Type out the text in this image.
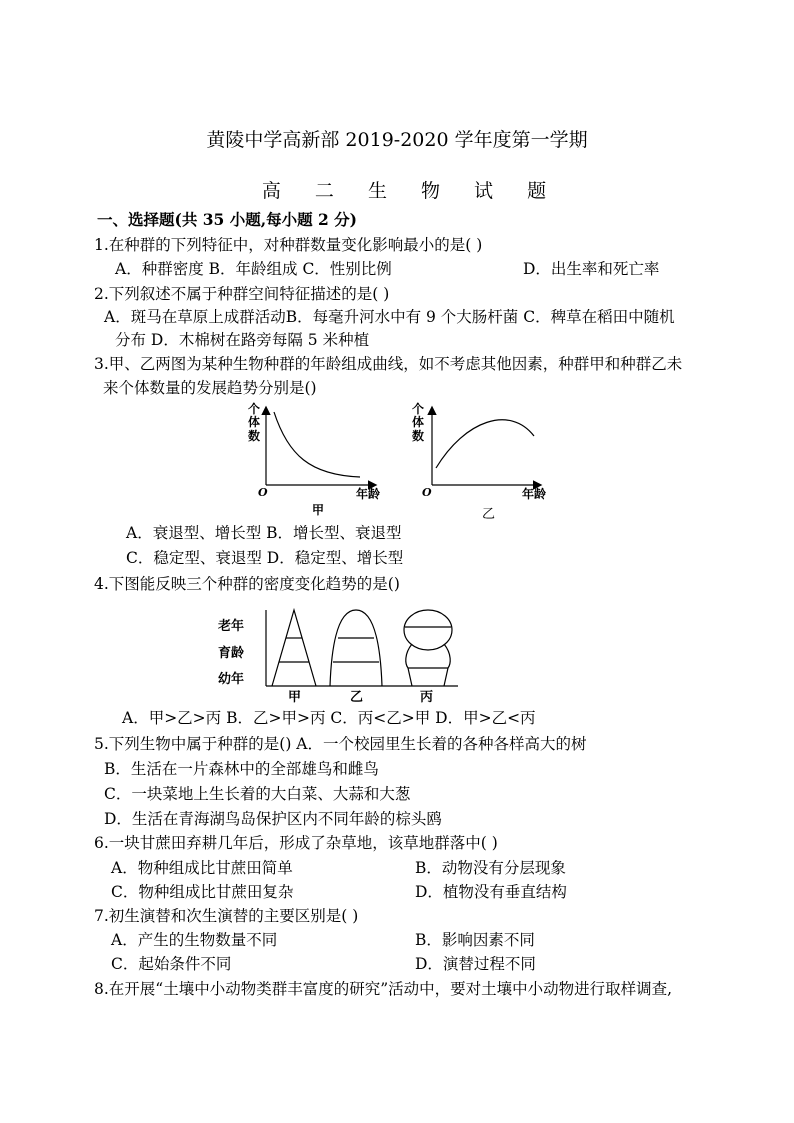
黄陵中学高新部 2019-2020 学年度第一学期
高 二 生 物 试 题
一、选择题(共 35 小题,每小题 2 分)
1.在种群的下列特征中，对种群数量变化影响最小的是( )
A．种群密度 B．年龄组成 C．性别比例	D．出生率和死亡率
2.下列叙述不属于种群空间特征描述的是( )
A．斑马在草原上成群活动B．每毫升河水中有 9 个大肠杆菌 C．稗草在稻田中随机
分布 D．木棉树在路旁每隔 5 米种植
3.甲、乙两图为某种生物种群的年龄组成曲线，如不考虑其他因素，种群甲和种群乙未
来个体数量的发展趋势分别是()
个
体
数
O	年龄
甲
个
体
数
O	年龄
乙
A．衰退型、增长型 B．增长型、衰退型
C．稳定型、衰退型 D．稳定型、增长型
4.下图能反映三个种群的密度变化趋势的是()
老年
育龄
幼年
甲	乙	丙
A．甲>乙>丙 B．乙>甲>丙 C．丙<乙>甲 D．甲>乙<丙
5.下列生物中属于种群的是() A．一个校园里生长着的各种各样高大的树
B．生活在一片森林中的全部雄鸟和雌鸟
C．一块菜地上生长着的大白菜、大蒜和大葱
D．生活在青海湖鸟岛保护区内不同年龄的棕头鸥
6.一块甘蔗田弃耕几年后，形成了杂草地，该草地群落中( )
A．物种组成比甘蔗田简单	B．动物没有分层现象
C．物种组成比甘蔗田复杂	D．植物没有垂直结构
7.初生演替和次生演替的主要区别是( )
A．产生的生物数量不同	B．影响因素不同
C．起始条件不同	D．演替过程不同
8.在开展“土壤中小动物类群丰富度的研究”活动中，要对土壤中小动物进行取样调查,
